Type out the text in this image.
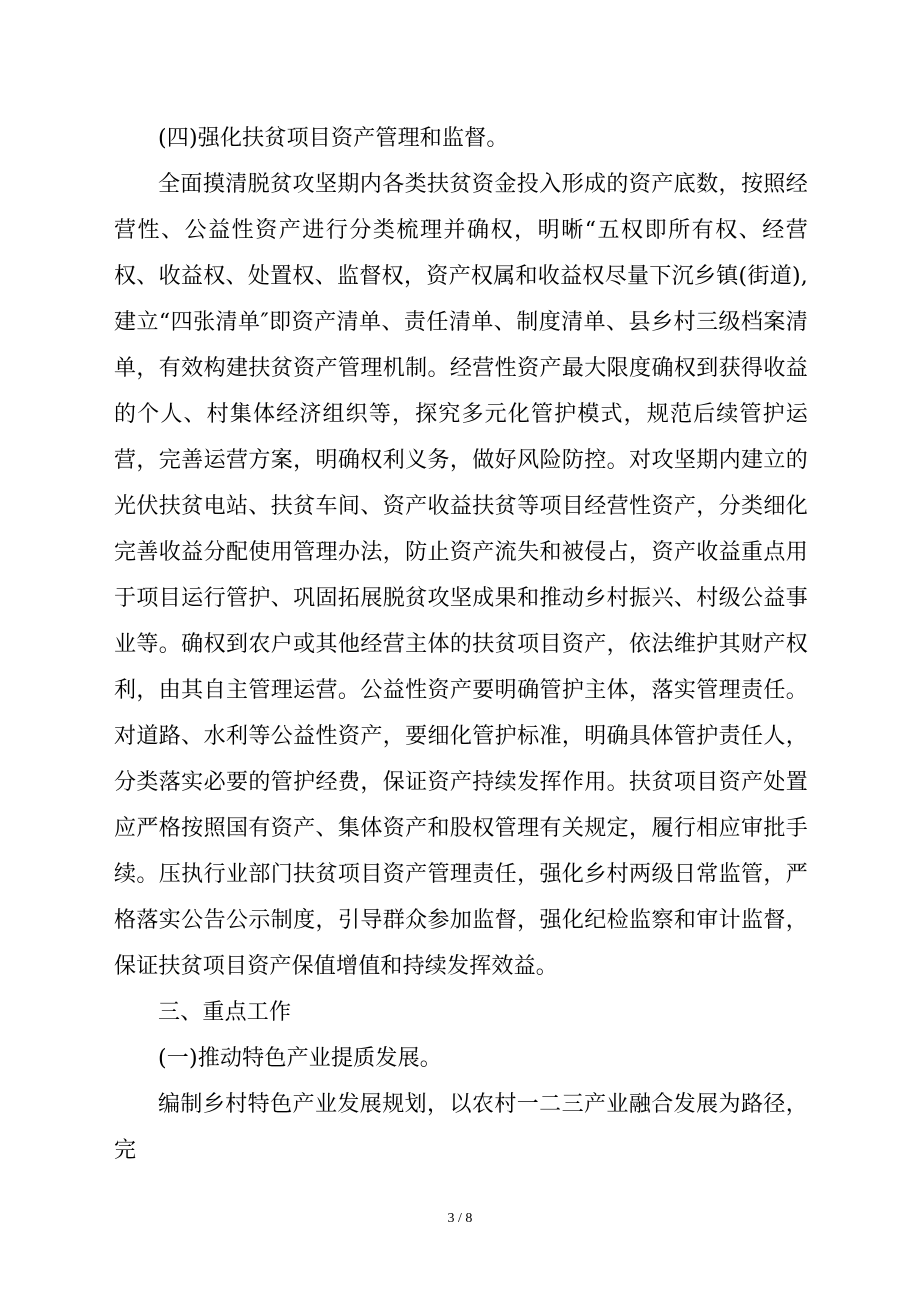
(四)强化扶贫项目资产管理和监督。

全面摸清脱贫攻坚期内各类扶贫资金投入形成的资产底数，按照经营性、公益性资产进行分类梳理并确权，明晰“五权即所有权、经营权、收益权、处置权、监督权，资产权属和收益权尽量下沉乡镇(街道),建立“四张清单″即资产清单、责任清单、制度清单、县乡村三级档案清单，有效构建扶贫资产管理机制。经营性资产最大限度确权到获得收益的个人、村集体经济组织等，探究多元化管护模式，规范后续管护运营，完善运营方案，明确权利义务，做好风险防控。对攻坚期内建立的光伏扶贫电站、扶贫车间、资产收益扶贫等项目经营性资产，分类细化完善收益分配使用管理办法，防止资产流失和被侵占，资产收益重点用于项目运行管护、巩固拓展脱贫攻坚成果和推动乡村振兴、村级公益事业等。确权到农户或其他经营主体的扶贫项目资产，依法维护其财产权利，由其自主管理运营。公益性资产要明确管护主体，落实管理责任。对道路、水利等公益性资产，要细化管护标准，明确具体管护责任人，分类落实必要的管护经费，保证资产持续发挥作用。扶贫项目资产处置应严格按照国有资产、集体资产和股权管理有关规定，履行相应审批手续。压执行业部门扶贫项目资产管理责任，强化乡村两级日常监管，严格落实公告公示制度，引导群众参加监督，强化纪检监察和审计监督，保证扶贫项目资产保值增值和持续发挥效益。

三、重点工作

(一)推动特色产业提质发展。

编制乡村特色产业发展规划，以农村一二三产业融合发展为路径，完

3 / 8
